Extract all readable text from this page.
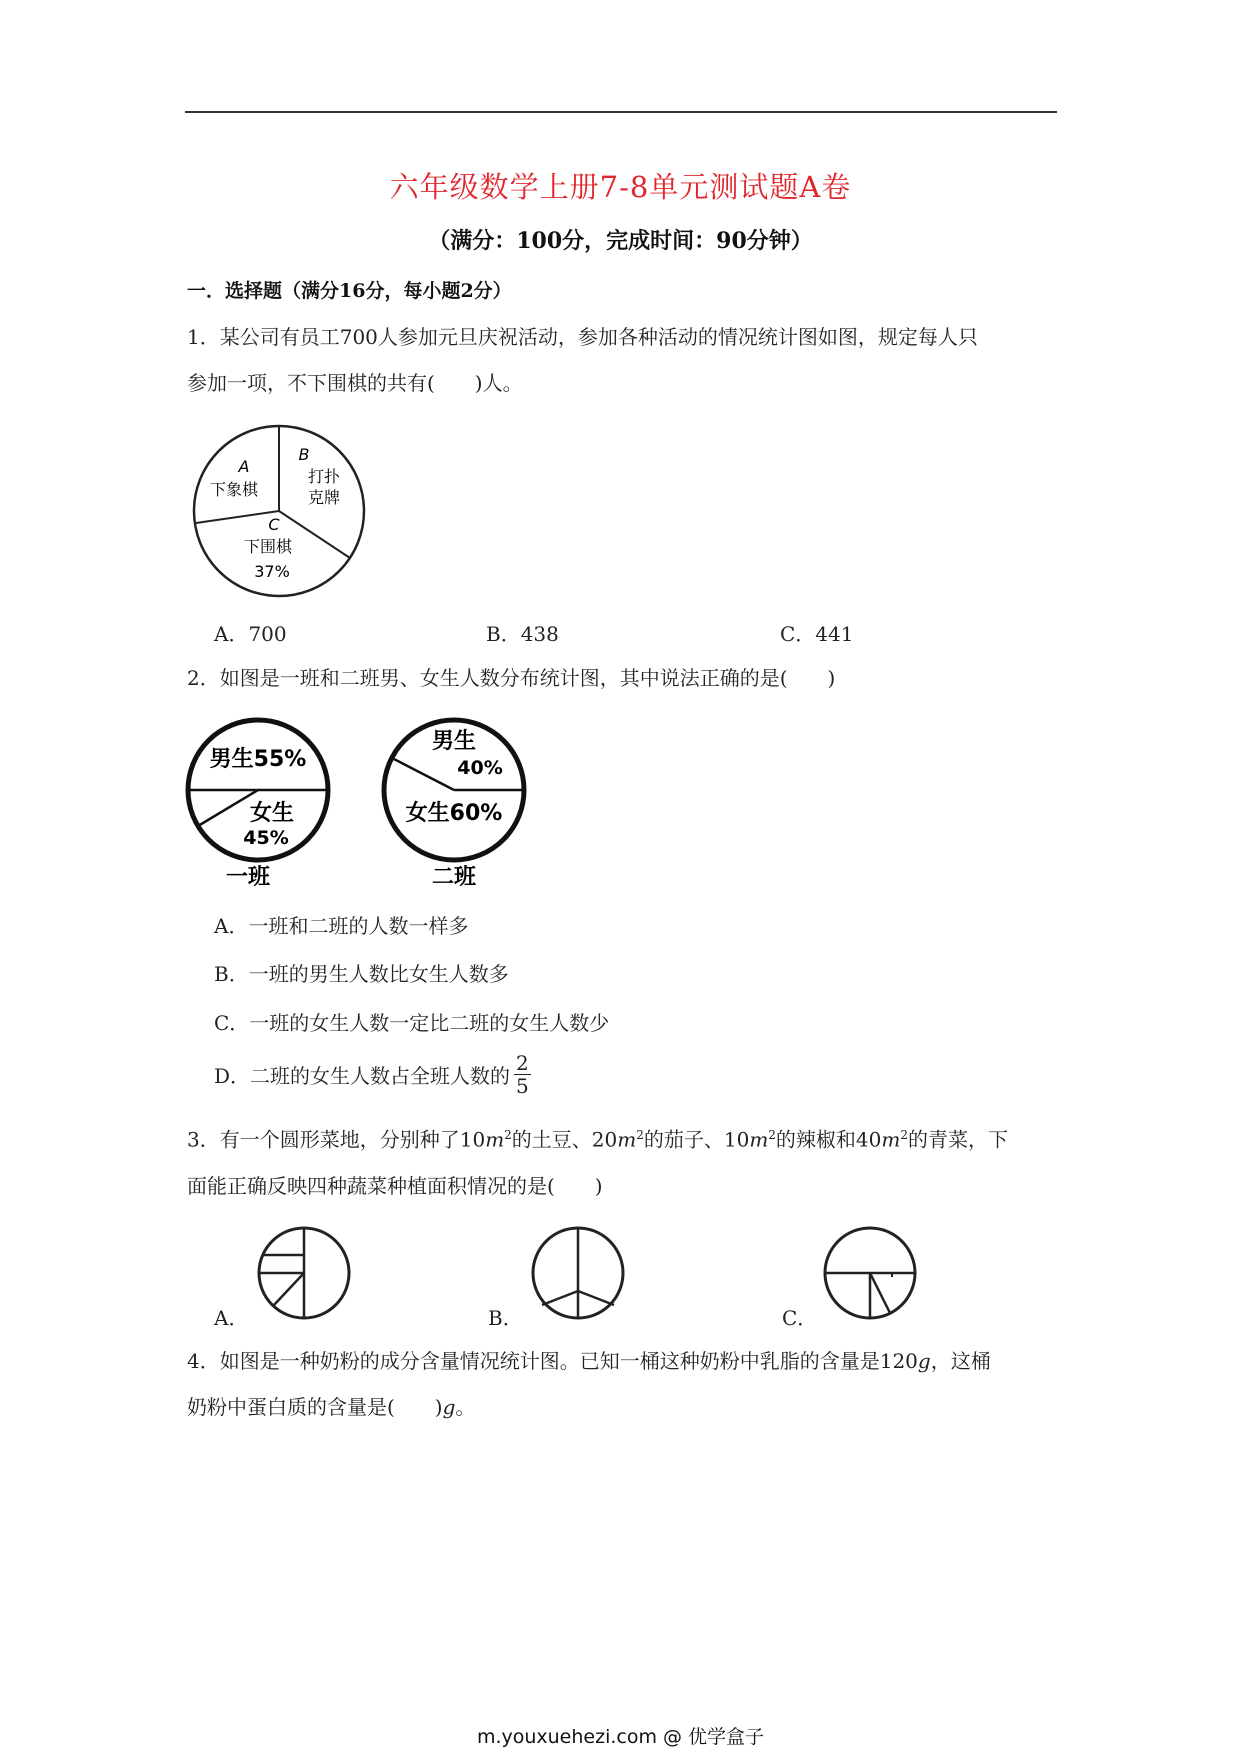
六年级数学上册7-8单元测试题A卷
（满分：100分，完成时间：90分钟）
一．选择题（满分16分，每小题2分）

1．某公司有员工700人参加元旦庆祝活动，参加各种活动的情况统计图如图，规定每人只

参加一项，不下围棋的共有(　　)人。

A
下象棋
B
打扑
克牌
C
下围棋
37%
A．700	B．438	C．441

2．如图是一班和二班男、女生人数分布统计图，其中说法正确的是(　　)

男生55%
女生
45%
一班
男生
40%
女生60%
二班
A．一班和二班的人数一样多
B．一班的男生人数比女生人数多
C．一班的女生人数一定比二班的女生人数少
D．二班的女生人数占全班人数的 $\frac{2}{5}$

3．有一个圆形菜地，分别种了$10m^2$的土豆、$20m^2$的茄子、$10m^2$的辣椒和$40m^2$的青菜，下

面能正确反映四种蔬菜种植面积情况的是(　　)

A．	B．	C．

4．如图是一种奶粉的成分含量情况统计图。已知一桶这种奶粉中乳脂的含量是120g，这桶

奶粉中蛋白质的含量是(　　)g。

m.youxuehezi.com @ 优学盒子
